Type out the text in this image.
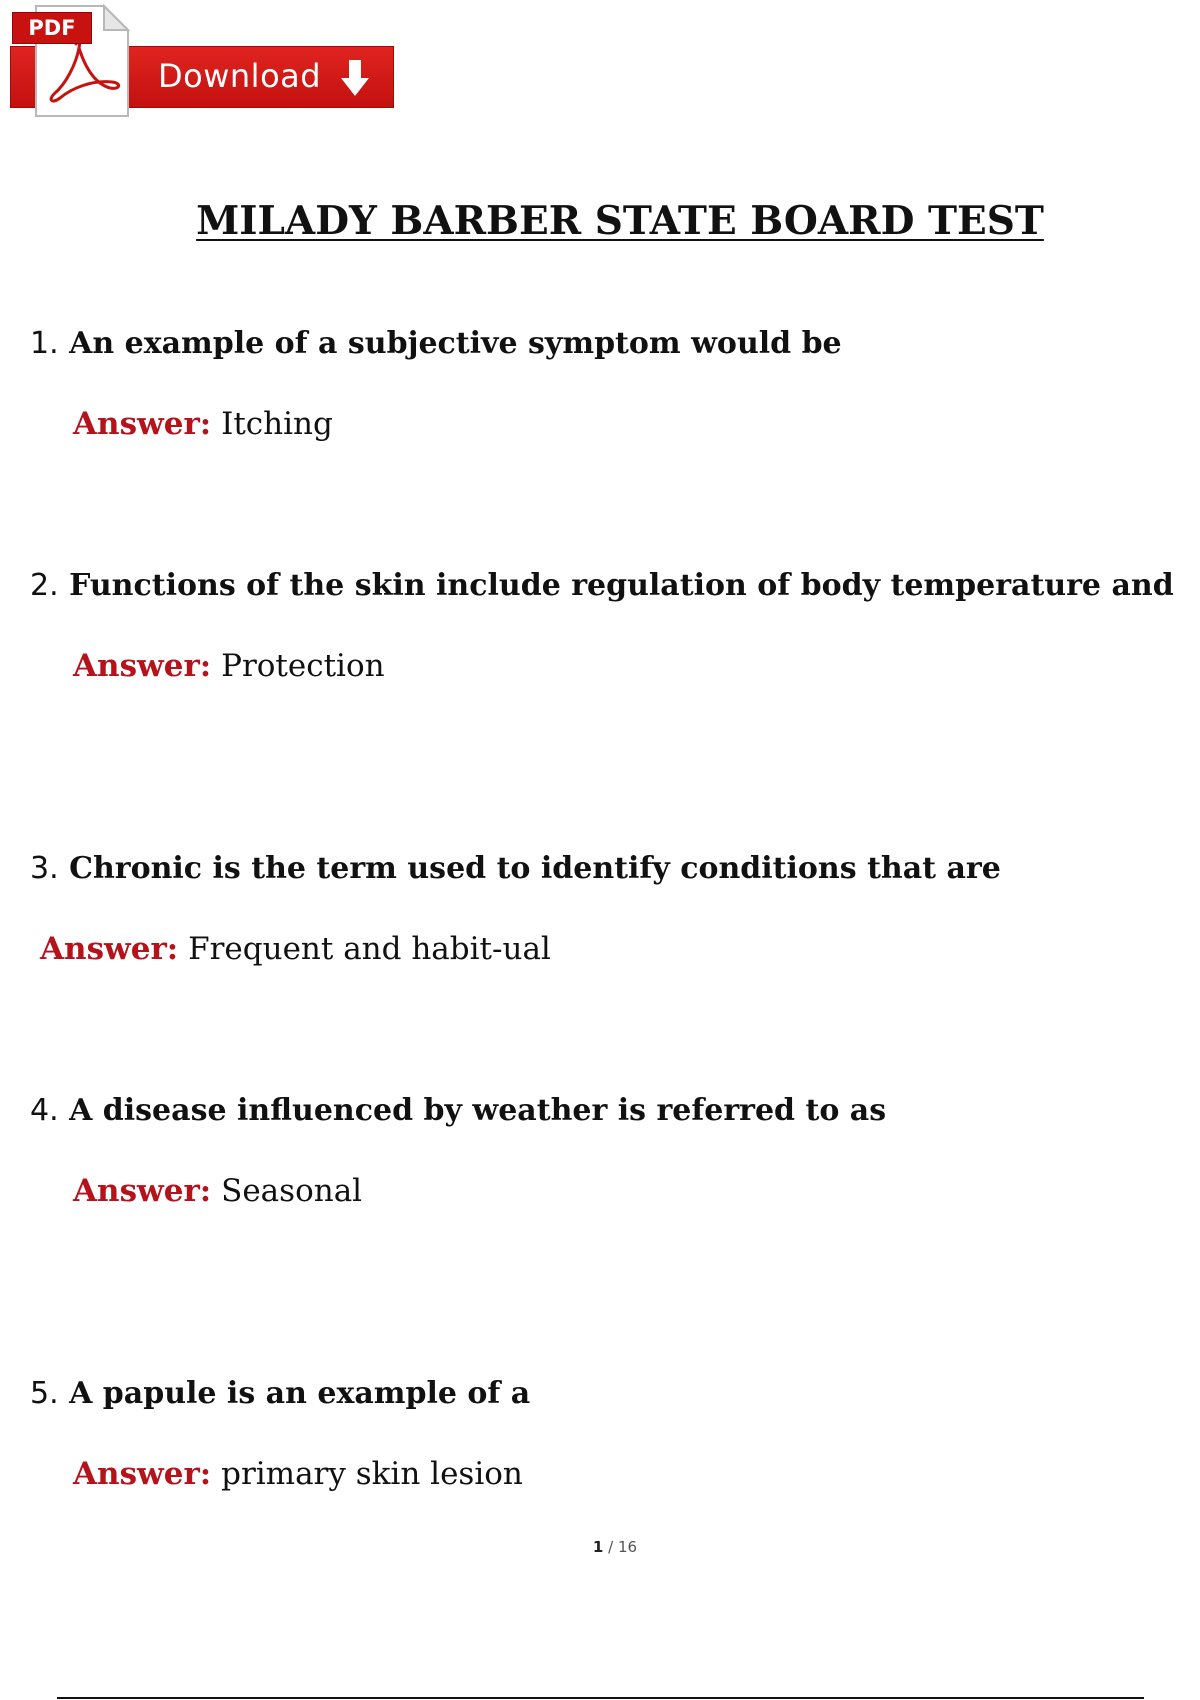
Download
PDF
MILADY BARBER STATE BOARD TEST
1. An example of a subjective symptom would be
Answer: Itching
2. Functions of the skin include regulation of body temperature and
Answer: Protection
3. Chronic is the term used to identify conditions that are
Answer: Frequent and habit-ual
4. A disease influenced by weather is referred to as
Answer: Seasonal
5. A papule is an example of a
Answer: primary skin lesion
1 / 16
